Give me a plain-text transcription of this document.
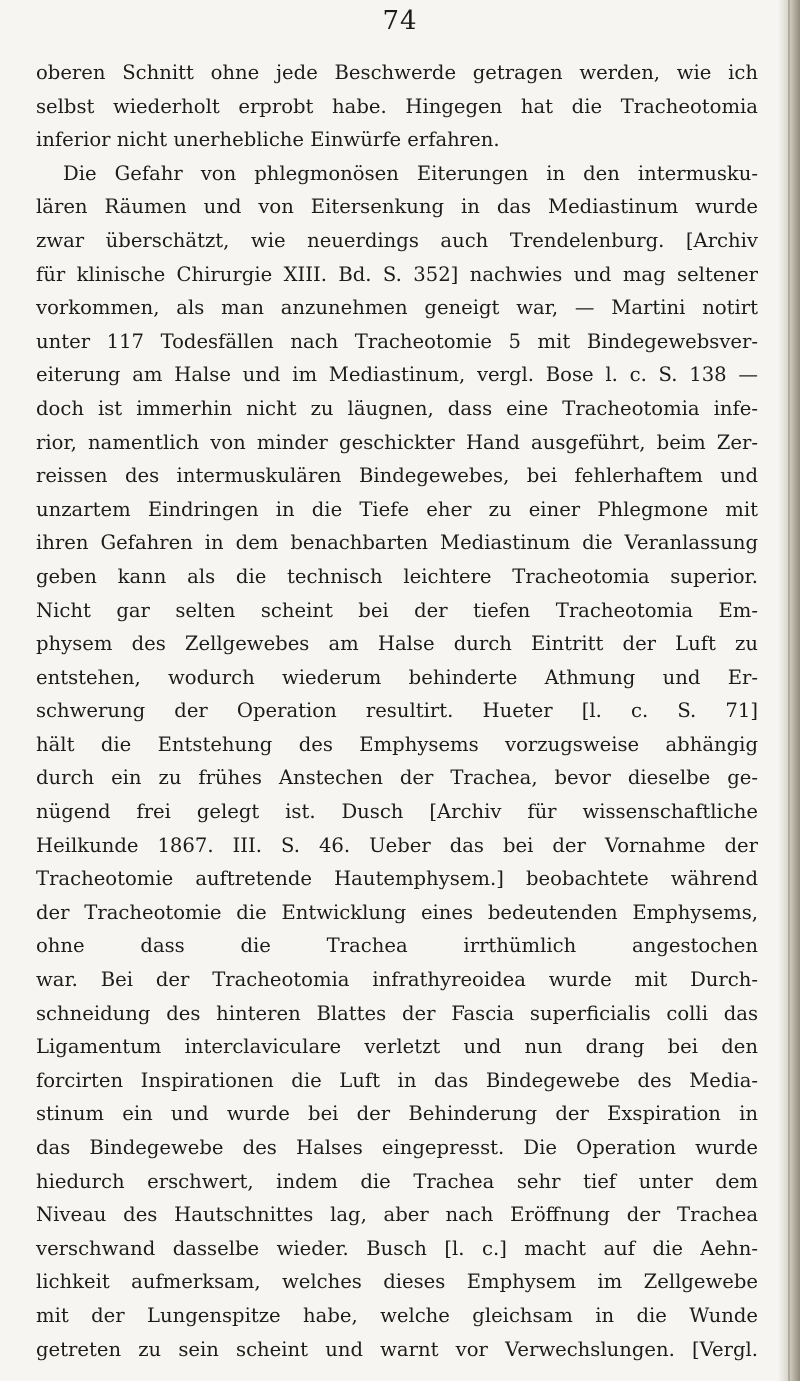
74
oberen Schnitt ohne jede Beschwerde getragen werden, wie ich
selbst wiederholt erprobt habe. Hingegen hat die Tracheotomia
inferior nicht unerhebliche Einwürfe erfahren.
Die Gefahr von phlegmonösen Eiterungen in den intermusku-
lären Räumen und von Eitersenkung in das Mediastinum wurde
zwar überschätzt, wie neuerdings auch Trendelenburg. [Archiv
für klinische Chirurgie XIII. Bd. S. 352] nachwies und mag seltener
vorkommen, als man anzunehmen geneigt war, — Martini notirt
unter 117 Todesfällen nach Tracheotomie 5 mit Bindegewebsver-
eiterung am Halse und im Mediastinum, vergl. Bose l. c. S. 138 —
doch ist immerhin nicht zu läugnen, dass eine Tracheotomia infe-
rior, namentlich von minder geschickter Hand ausgeführt, beim Zer-
reissen des intermuskulären Bindegewebes, bei fehlerhaftem und
unzartem Eindringen in die Tiefe eher zu einer Phlegmone mit
ihren Gefahren in dem benachbarten Mediastinum die Veranlassung
geben kann als die technisch leichtere Tracheotomia superior.
Nicht gar selten scheint bei der tiefen Tracheotomia Em-
physem des Zellgewebes am Halse durch Eintritt der Luft zu
entstehen, wodurch wiederum behinderte Athmung und Er-
schwerung der Operation resultirt. Hueter [l. c. S. 71]
hält die Entstehung des Emphysems vorzugsweise abhängig
durch ein zu frühes Anstechen der Trachea, bevor dieselbe ge-
nügend frei gelegt ist. Dusch [Archiv für wissenschaftliche
Heilkunde 1867. III. S. 46. Ueber das bei der Vornahme der
Tracheotomie auftretende Hautemphysem.] beobachtete während
der Tracheotomie die Entwicklung eines bedeutenden Emphysems,
ohne dass die Trachea irrthümlich angestochen
war. Bei der Tracheotomia infrathyreoidea wurde mit Durch-
schneidung des hinteren Blattes der Fascia superficialis colli das
Ligamentum interclaviculare verletzt und nun drang bei den
forcirten Inspirationen die Luft in das Bindegewebe des Media-
stinum ein und wurde bei der Behinderung der Exspiration in
das Bindegewebe des Halses eingepresst. Die Operation wurde
hiedurch erschwert, indem die Trachea sehr tief unter dem
Niveau des Hautschnittes lag, aber nach Eröffnung der Trachea
verschwand dasselbe wieder. Busch [l. c.] macht auf die Aehn-
lichkeit aufmerksam, welches dieses Emphysem im Zellgewebe
mit der Lungenspitze habe, welche gleichsam in die Wunde
getreten zu sein scheint und warnt vor Verwechslungen. [Vergl.
